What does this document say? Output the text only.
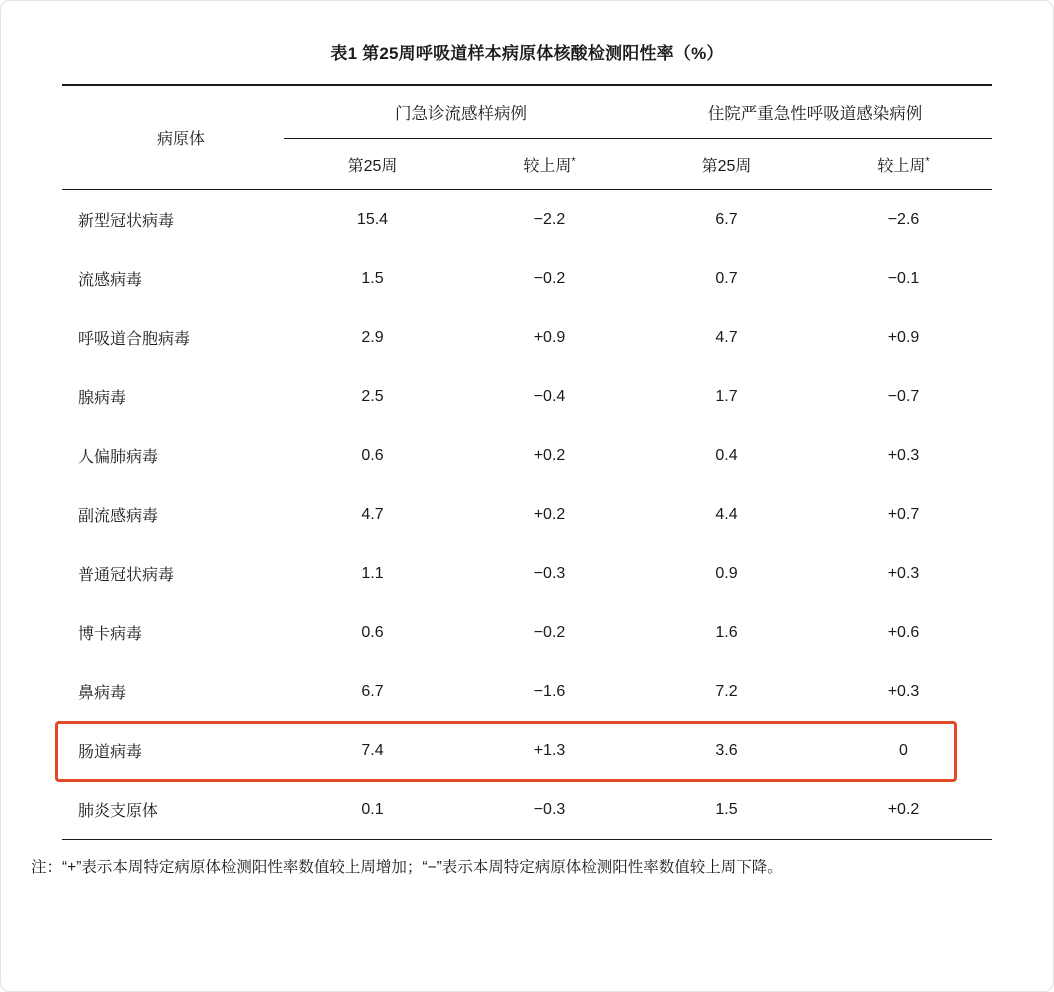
表1 第25周呼吸道样本病原体核酸检测阳性率（%）

病原体	门急诊流感样病例		住院严重急性呼吸道感染病例	

	第25周	较上周*	第25周	较上周*

新型冠状病毒	15.4	−2.2	6.7	−2.6
流感病毒	1.5	−0.2	0.7	−0.1
呼吸道合胞病毒	2.9	+0.9	4.7	+0.9
腺病毒	2.5	−0.4	1.7	−0.7
人偏肺病毒	0.6	+0.2	0.4	+0.3
副流感病毒	4.7	+0.2	4.4	+0.7
普通冠状病毒	1.1	−0.3	0.9	+0.3
博卡病毒	0.6	−0.2	1.6	+0.6
鼻病毒	6.7	−1.6	7.2	+0.3
肠道病毒	7.4	+1.3	3.6	0
肺炎支原体	0.1	−0.3	1.5	+0.2
注：“+”表示本周特定病原体检测阳性率数值较上周增加；“−”表示本周特定病原体检测阳性率数值较上周下降。
